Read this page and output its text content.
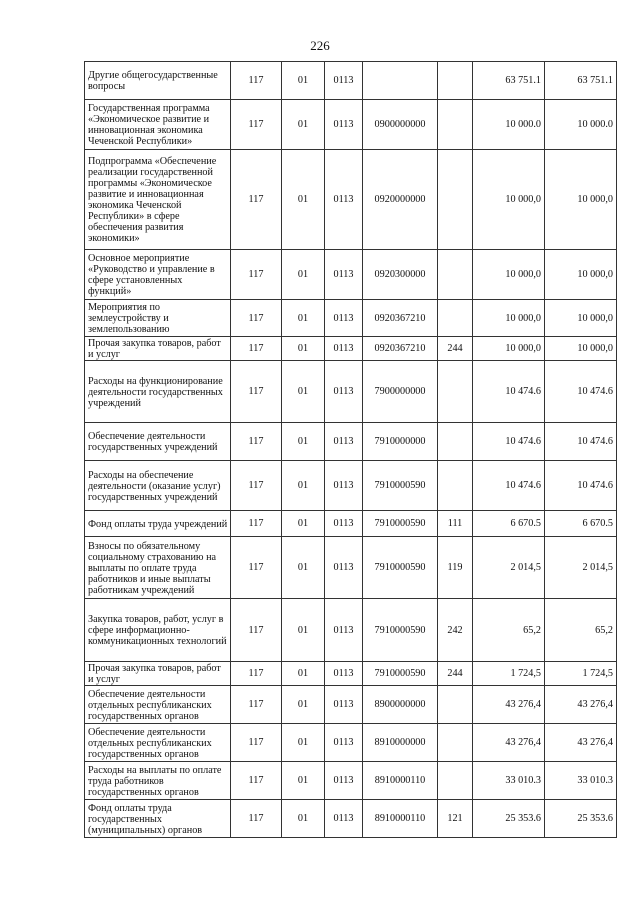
226
Другие общегосударственные вопросы	117	01	0113			63 751.1	63 751.1
Государственная программа «Экономическое развитие и инновационная экономика Чеченской Республики»	117	01	0113	0900000000		10 000.0	10 000.0
Подпрограмма «Обеспечение реализации государственной программы «Экономическое развитие и инновационная экономика Чеченской Республики» в сфере обеспечения развития экономики»	117	01	0113	0920000000		10 000,0	10 000,0
Основное мероприятие «Руководство и управление в сфере установленных функций»	117	01	0113	0920300000		10 000,0	10 000,0
Мероприятия по землеустройству и землепользованию	117	01	0113	0920367210		10 000,0	10 000,0
Прочая закупка товаров, работ и услуг	117	01	0113	0920367210	244	10 000,0	10 000,0
Расходы на функционирование деятельности государственных учреждений	117	01	0113	7900000000		10 474.6	10 474.6
Обеспечение деятельности государственных учреждений	117	01	0113	7910000000		10 474.6	10 474.6
Расходы на обеспечение деятельности (оказание услуг) государственных учреждений	117	01	0113	7910000590		10 474.6	10 474.6
Фонд оплаты труда учреждений	117	01	0113	7910000590	111	6 670.5	6 670.5
Взносы по обязательному социальному страхованию на выплаты по оплате труда работников и иные выплаты работникам учреждений	117	01	0113	7910000590	119	2 014,5	2 014,5
Закупка товаров, работ, услуг в сфере информационно-коммуникационных технологий	117	01	0113	7910000590	242	65,2	65,2
Прочая закупка товаров, работ и услуг	117	01	0113	7910000590	244	1 724,5	1 724,5
Обеспечение деятельности отдельных республиканских государственных органов	117	01	0113	8900000000		43 276,4	43 276,4
Обеспечение деятельности отдельных республиканских государственных органов	117	01	0113	8910000000		43 276,4	43 276,4
Расходы на выплаты по оплате труда работников государственных органов	117	01	0113	8910000110		33 010.3	33 010.3
Фонд оплаты труда государственных (муниципальных) органов	117	01	0113	8910000110	121	25 353.6	25 353.6
